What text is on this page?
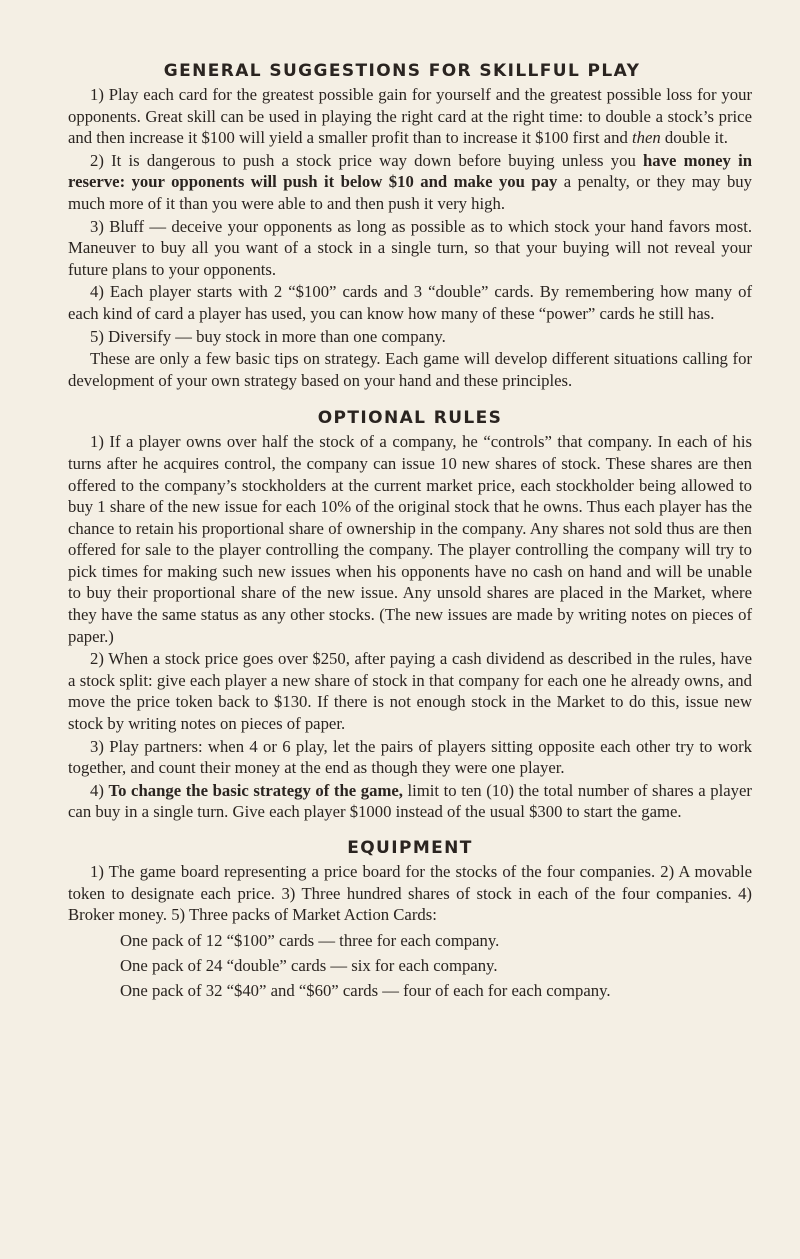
GENERAL SUGGESTIONS FOR SKILLFUL PLAY

1) Play each card for the greatest possible gain for yourself and the greatest possible loss for your opponents. Great skill can be used in playing the right card at the right time: to double a stock’s price and then increase it $100 will yield a smaller profit than to increase it $100 first and then double it.

2) It is dangerous to push a stock price way down before buying unless you have money in reserve: your opponents will push it below $10 and make you pay a penalty, or they may buy much more of it than you were able to and then push it very high.

3) Bluff — deceive your opponents as long as possible as to which stock your hand favors most. Maneuver to buy all you want of a stock in a single turn, so that your buying will not reveal your future plans to your opponents.

4) Each player starts with 2 “$100” cards and 3 “double” cards. By remembering how many of each kind of card a player has used, you can know how many of these “power” cards he still has.

5) Diversify — buy stock in more than one company.

These are only a few basic tips on strategy. Each game will develop different situations calling for development of your own strategy based on your hand and these principles.

OPTIONAL RULES

1) If a player owns over half the stock of a company, he “controls” that company. In each of his turns after he acquires control, the company can issue 10 new shares of stock. These shares are then offered to the company’s stockholders at the current market price, each stockholder being allowed to buy 1 share of the new issue for each 10% of the original stock that he owns. Thus each player has the chance to retain his proportional share of ownership in the company. Any shares not sold thus are then offered for sale to the player controlling the company. The player controlling the company will try to pick times for making such new issues when his opponents have no cash on hand and will be unable to buy their proportional share of the new issue. Any unsold shares are placed in the Market, where they have the same status as any other stocks. (The new issues are made by writing notes on pieces of paper.)

2) When a stock price goes over $250, after paying a cash dividend as described in the rules, have a stock split: give each player a new share of stock in that company for each one he already owns, and move the price token back to $130. If there is not enough stock in the Market to do this, issue new stock by writing notes on pieces of paper.

3) Play partners: when 4 or 6 play, let the pairs of players sitting opposite each other try to work together, and count their money at the end as though they were one player.

4) To change the basic strategy of the game, limit to ten (10) the total number of shares a player can buy in a single turn. Give each player $1000 instead of the usual $300 to start the game.

EQUIPMENT

1) The game board representing a price board for the stocks of the four companies. 2) A movable token to designate each price. 3) Three hundred shares of stock in each of the four companies. 4) Broker money. 5) Three packs of Market Action Cards:

One pack of 12 “$100” cards — three for each company.
One pack of 24 “double” cards — six for each company.
One pack of 32 “$40” and “$60” cards — four of each for each company.
